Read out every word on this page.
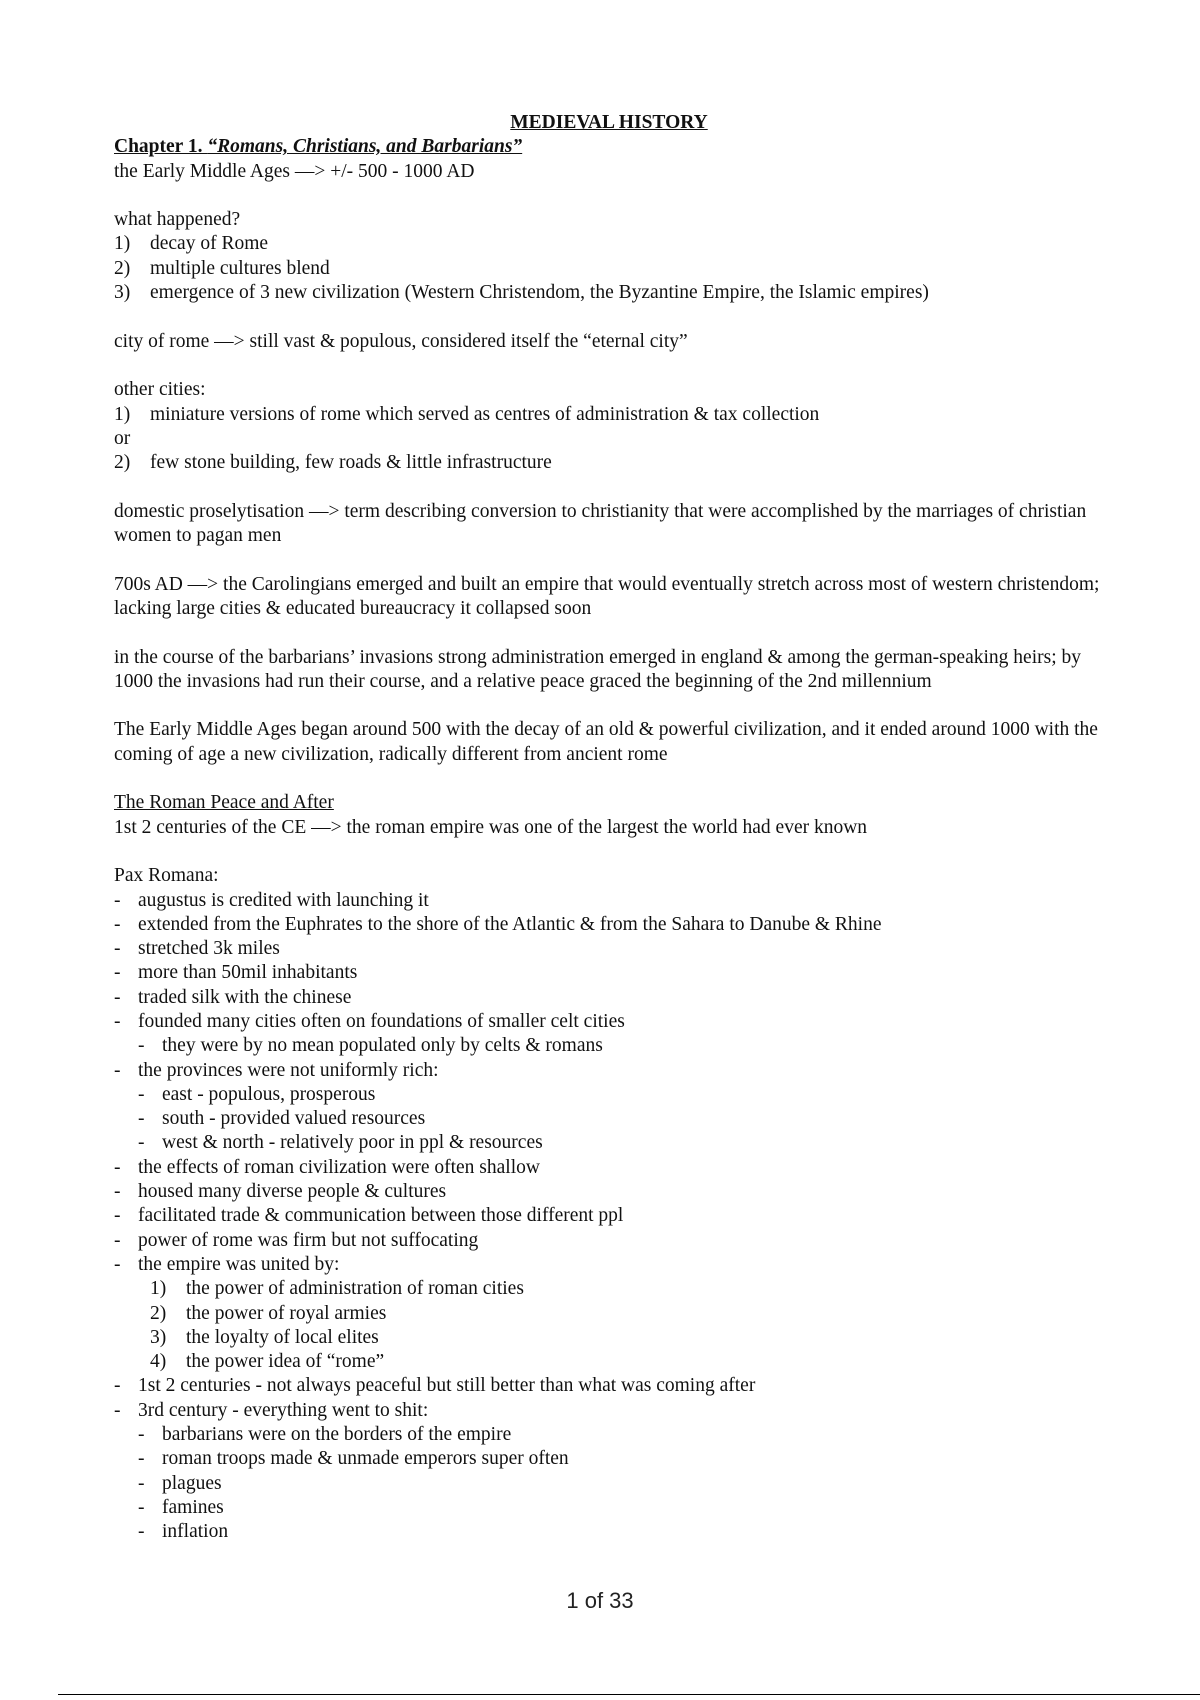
MEDIEVAL HISTORY
Chapter 1. “Romans, Christians, and Barbarians”
the Early Middle Ages —> +/- 500 - 1000 AD
what happened?
1)	decay of Rome
2)	multiple cultures blend
3)	emergence of 3 new civilization (Western Christendom, the Byzantine Empire, the Islamic empires)
city of rome —> still vast & populous, considered itself the “eternal city”
other cities:
1)	miniature versions of rome which served as centres of administration & tax collection
or
2)	few stone building, few roads & little infrastructure
domestic proselytisation —> term describing conversion to christianity that were accomplished by the marriages of christian women to pagan men
700s AD —> the Carolingians emerged and built an empire that would eventually stretch across most of western christendom; lacking large cities & educated bureaucracy it collapsed soon
in the course of the barbarians’ invasions strong administration emerged in england & among the german-speaking heirs; by 1000 the invasions had run their course, and a relative peace graced the beginning of the 2nd millennium
The Early Middle Ages began around 500 with the decay of an old & powerful civilization, and it ended around 1000 with the coming of age a new civilization, radically different from ancient rome
The Roman Peace and After
1st 2 centuries of the CE —> the roman empire was one of the largest the world had ever known
Pax Romana:
- augustus is credited with launching it
- extended from the Euphrates to the shore of the Atlantic & from the Sahara to Danube & Rhine
- stretched 3k miles
- more than 50mil inhabitants
- traded silk with the chinese
- founded many cities often on foundations of smaller celt cities
- they were by no mean populated only by celts & romans
- the provinces were not uniformly rich:
- east - populous, prosperous
- south - provided valued resources
- west & north - relatively poor in ppl & resources
- the effects of roman civilization were often shallow
- housed many diverse people & cultures
- facilitated trade & communication between those different ppl
- power of rome was firm but not suffocating
- the empire was united by:
1)	the power of administration of roman cities
2)	the power of royal armies
3)	the loyalty of local elites
4)	the power idea of “rome”
- 1st 2 centuries - not always peaceful but still better than what was coming after
- 3rd century - everything went to shit:
- barbarians were on the borders of the empire
- roman troops made & unmade emperors super often
- plagues
- famines
- inflation
1 of 33
